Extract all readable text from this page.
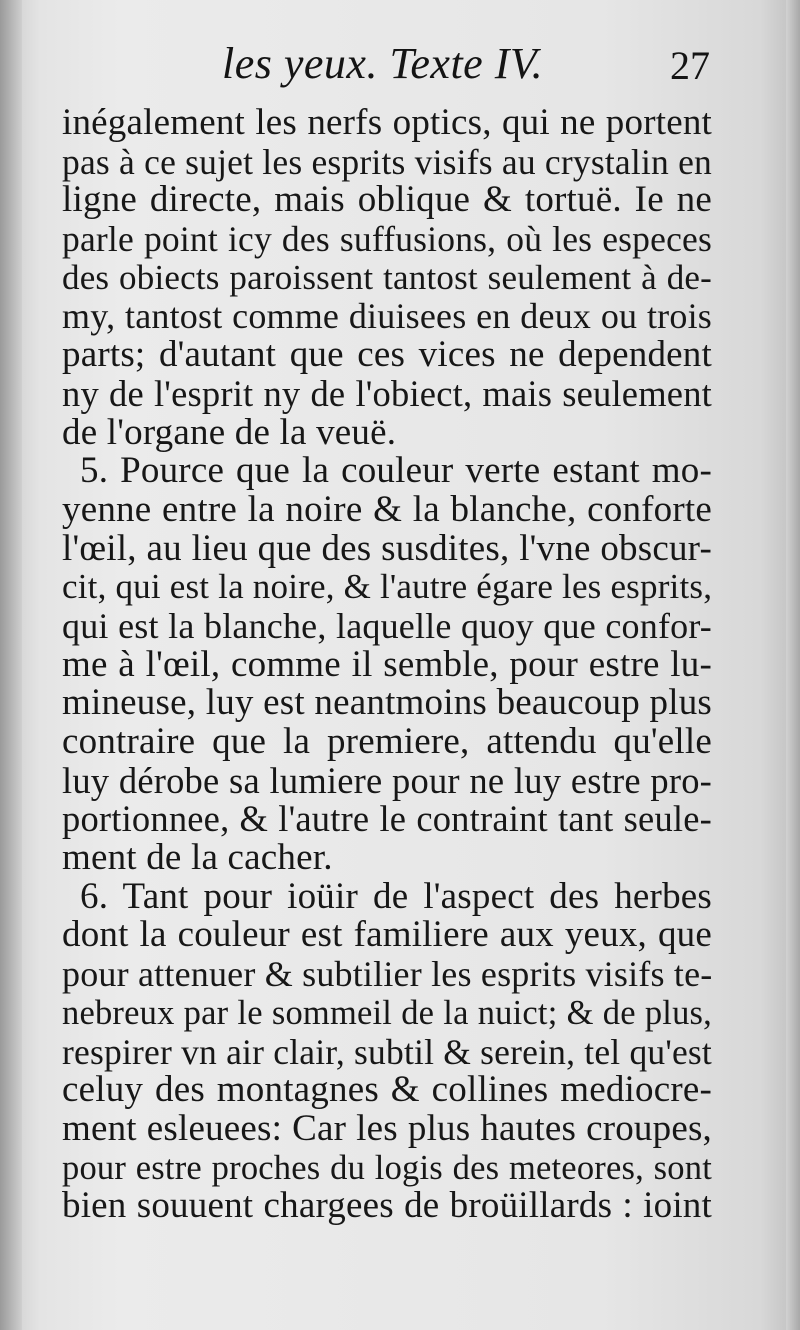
les yeux. Texte IV.	27
inégalement les nerfs optics, qui ne portent
pas à ce sujet les esprits visifs au crystalin en
ligne directe, mais oblique & tortuë. Ie ne
parle point icy des suffusions, où les especes
des obiects paroissent tantost seulement à de-
my, tantost comme diuisees en deux ou trois
parts; d'autant que ces vices ne dependent
ny de l'esprit ny de l'obiect, mais seulement
de l'organe de la veuë.
5. Pource que la couleur verte estant mo-
yenne entre la noire & la blanche, conforte
l'œil, au lieu que des susdites, l'vne obscur-
cit, qui est la noire, & l'autre égare les esprits,
qui est la blanche, laquelle quoy que confor-
me à l'œil, comme il semble, pour estre lu-
mineuse, luy est neantmoins beaucoup plus
contraire que la premiere, attendu qu'elle
luy dérobe sa lumiere pour ne luy estre pro-
portionnee, & l'autre le contraint tant seule-
ment de la cacher.
6. Tant pour ioüir de l'aspect des herbes
dont la couleur est familiere aux yeux, que
pour attenuer & subtilier les esprits visifs te-
nebreux par le sommeil de la nuict; & de plus,
respirer vn air clair, subtil & serein, tel qu'est
celuy des montagnes & collines mediocre-
ment esleuees: Car les plus hautes croupes,
pour estre proches du logis des meteores, sont
bien souuent chargees de broüillards : ioint
